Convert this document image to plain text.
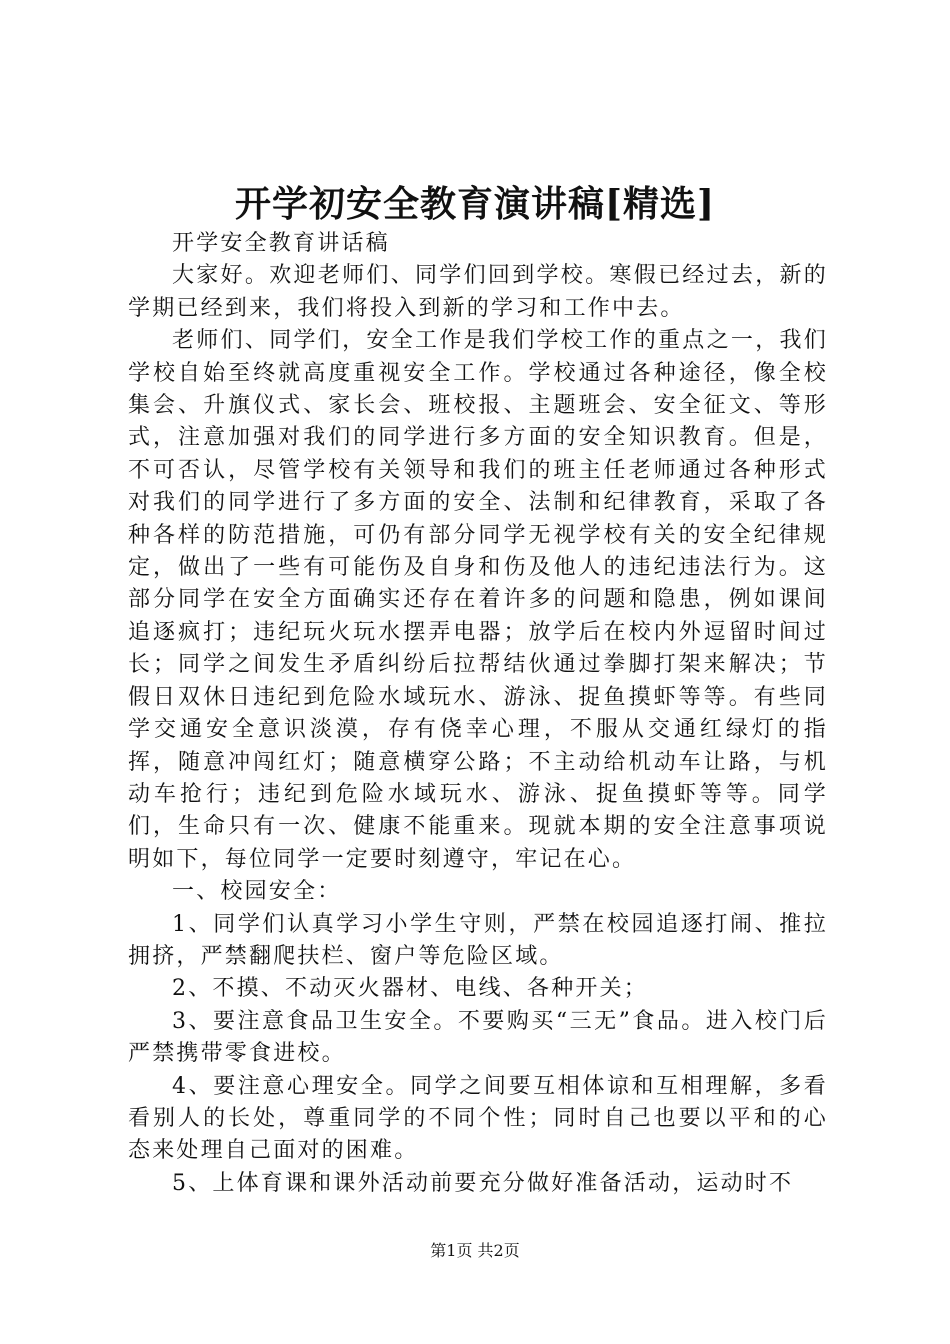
开学初安全教育演讲稿[精选]

开学安全教育讲话稿

大家好。欢迎老师们、同学们回到学校。寒假已经过去，新的学期已经到来，我们将投入到新的学习和工作中去。

老师们、同学们，安全工作是我们学校工作的重点之一，我们学校自始至终就高度重视安全工作。学校通过各种途径，像全校集会、升旗仪式、家长会、班校报、主题班会、安全征文、等形式，注意加强对我们的同学进行多方面的安全知识教育。但是，不可否认，尽管学校有关领导和我们的班主任老师通过各种形式对我们的同学进行了多方面的安全、法制和纪律教育，采取了各种各样的防范措施，可仍有部分同学无视学校有关的安全纪律规定，做出了一些有可能伤及自身和伤及他人的违纪违法行为。这部分同学在安全方面确实还存在着许多的问题和隐患，例如课间追逐疯打；违纪玩火玩水摆弄电器；放学后在校内外逗留时间过长；同学之间发生矛盾纠纷后拉帮结伙通过拳脚打架来解决；节假日双休日违纪到危险水域玩水、游泳、捉鱼摸虾等等。有些同学交通安全意识淡漠，存有侥幸心理，不服从交通红绿灯的指挥，随意冲闯红灯；随意横穿公路；不主动给机动车让路，与机动车抢行；违纪到危险水域玩水、游泳、捉鱼摸虾等等。同学们，生命只有一次、健康不能重来。现就本期的安全注意事项说明如下，每位同学一定要时刻遵守，牢记在心。

一、校园安全：

1、同学们认真学习小学生守则，严禁在校园追逐打闹、推拉拥挤，严禁翻爬扶栏、窗户等危险区域。

2、不摸、不动灭火器材、电线、各种开关；

3、要注意食品卫生安全。不要购买“三无”食品。进入校门后严禁携带零食进校。

4、要注意心理安全。同学之间要互相体谅和互相理解，多看看别人的长处，尊重同学的不同个性；同时自己也要以平和的心态来处理自己面对的困难。

5、上体育课和课外活动前要充分做好准备活动，运动时不

第1页 共2页
